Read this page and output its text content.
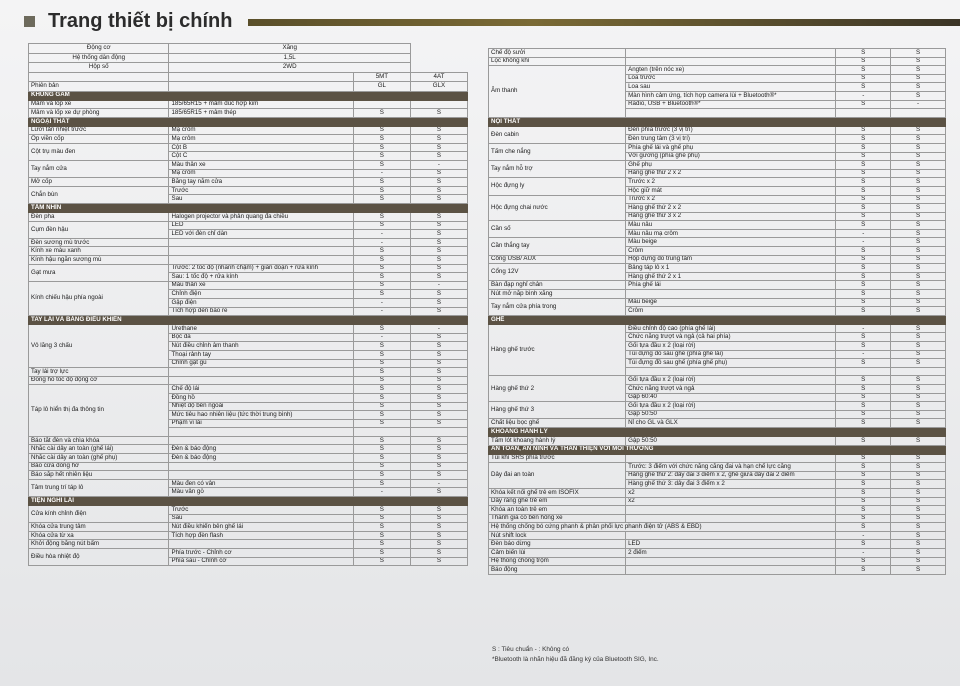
Trang thiết bị chính
Động cơ	Xăng		
Hệ thống dẫn động	1,5L		
Hộp số	2WD		
		5MT	4AT
Phiên bản		GL	GLX
KHUNG GẦM			
Mâm và lốp xe	185/65R15 + mâm đúc hợp kim		
Mâm và lốp xe dự phòng	185/65R15 + mâm thép	S	S
NGOẠI THẤT			
Lưới tản nhiệt trước	Mạ crôm	S	S
Ốp viền cốp	Mạ crôm	S	S
Cột trụ màu đen	Cột B	S	S
	Cột C	S	S
Tay nắm cửa	Màu thân xe	S	-
	Mạ crôm	-	S
Mở cốp	Bằng tay nắm cửa	S	S
Chắn bùn	Trước	S	S
	Sau	S	S
TẦM NHÌN			
Đèn pha	Halogen projector và phản quang đa chiều	S	S
Cụm đèn hậu	LED	S	S
	LED với đèn chỉ dẫn	-	S
Đèn sương mù trước		-	S
Kính xe màu xanh		S	S
Kính hậu ngăn sương mù		S	S
Gạt mưa	Trước: 2 tốc độ (nhanh chậm) + gián đoạn + rửa kính	S	S
	Sau: 1 tốc độ + rửa kính	S	S
Kính chiếu hậu phía ngoài	Màu thân xe	S	-
	Chỉnh điện	S	S
	Gập điện	-	S
	Tích hợp đèn báo rẽ	-	S
TAY LÁI VÀ BẢNG ĐIỀU KHIỂN			
Vô lăng 3 chấu	Urethane	S	-
	Bọc da	-	S
	Nút điều chỉnh âm thanh	S	S
	Thoại rảnh tay	S	S
	Chỉnh gật gù	S	S
Tay lái trợ lực		S	S
Đồng hồ tốc độ động cơ		S	S
Táp lô hiển thị đa thông tin	Chế độ lái	S	S
	Đồng hồ	S	S
	Nhiệt độ bên ngoài	S	S
	Mức tiêu hao nhiên liệu (tức thời trung bình)	S	S
	Phạm vi lái	S	S

Báo tắt đèn và chìa khóa		S	S
Nhắc cài dây an toàn (ghế lái)	Đèn & báo động	S	S
Nhắc cài dây an toàn (ghế phụ)	Đèn & báo động	S	S
Báo cửa đóng hở		S	S
Báo sắp hết nhiên liệu		S	S
Tâm trung trí táp lô	Màu đen có vân	S	-
	Màu vân gỗ	-	S
TIỆN NGHI LÁI			
Cửa kính chỉnh điện	Trước	S	S
	Sau	S	S
Khóa cửa trung tâm	Nút điều khiển bên ghế lái	S	S
Khóa cửa từ xa	Tích hợp đèn flash	S	S
Khởi động bằng nút bấm		S	S
Điều hòa nhiệt độ	Phía trước - Chỉnh cơ	S	S
	Phía sau - Chỉnh cơ	S	S
Chế độ sưởi		S	S
Lọc không khí		S	S
Âm thanh	Ăngten (trên nóc xe)	S	S
	Loa trước	S	S
	Loa sau	S	S
	Màn hình cảm ứng, tích hợp camera lùi + Bluetooth®*	-	S
	Radio, USB + Bluetooth®*	S	-

NỘI THẤT			
Đèn cabin	Đèn phía trước (3 vị trí)	S	S
	Đèn trung tâm (3 vị trí)	S	S
Tấm che nắng	Phía ghế lái và ghế phụ	S	S
	Với gương (phía ghế phụ)	S	S
Tay nắm hỗ trợ	Ghế phụ	S	S
	Hàng ghế thứ 2 x 2	S	S
Hộc đựng ly	Trước x 2	S	S
	Hộc giữ mát	S	S
Hộc đựng chai nước	Trước x 2	S	S
	Hàng ghế thứ 2 x 2	S	S
	Hàng ghế thứ 3 x 2	S	S
Cần số	Màu nâu	S	S
	Màu nâu mạ crôm	-	S
Cần thắng tay	Màu beige	-	S
	Crôm	S	S
Cổng USB/ AUX	Hộp đựng đồ trung tâm	S	S
Cổng 12V	Bảng táp lô x 1	S	S
	Hàng ghế thứ 2 x 1	S	S
Bàn đạp nghỉ chân	Phía ghế lái	S	S
Nút mở nắp bình xăng		S	S
Tay nắm cửa phía trong	Màu beige	S	S
	Crôm	S	S
GHẾ			
Hàng ghế trước	Điều chỉnh độ cao (phía ghế lái)	-	S
	Chức năng trượt và ngả (cả hai phía)	S	S
	Gối tựa đầu x 2 (loại rời)	S	S
	Túi đựng đồ sau ghế (phía ghế lái)	-	S
	Túi đựng đồ sau ghế (phía ghế phụ)	S	S

Hàng ghế thứ 2	Gối tựa đầu x 2 (loại rời)	S	S
	Chức năng trượt và ngả	S	S
	Gập 60:40	S	S
Hàng ghế thứ 3	Gối tựa đầu x 2 (loại rời)	S	S
	Gập 50:50	S	S
Chất liệu bọc ghế	Nỉ cho GL và GLX	S	S
KHOANG HÀNH LÝ			
Tấm lót khoang hành lý	Gập 50:50	S	S
AN TOÀN, AN NINH VÀ THÂN THIỆN VỚI MÔI TRƯỜNG			
Túi khí SRS phía trước		S	S
Dây đai an toàn	Trước: 3 điểm với chức năng căng đai và hạn chế lực căng	S	S
	Hàng ghế thứ 2: dây đai 3 điểm x 2, ghế giữa dây đai 2 điểm	S	S
	Hàng ghế thứ 3: dây đai 3 điểm x 2	S	S
Khóa kết nối ghế trẻ em ISOFIX	x2	S	S
Dây ràng ghế trẻ em	x2	S	S
Khóa an toàn trẻ em		S	S
Thanh gia cố bên hông xe		S	S
Hệ thống chống bó cứng phanh & phân phối lực phanh điện tử (ABS & EBD)		S	S
Nút shift lock		-	S
Đèn báo dừng	LED	S	S
Cảm biến lùi	2 điểm	-	S
Hệ thống chống trộm		S	S
Báo động		S	S
S : Tiêu chuẩn - : Không có
*Bluetooth là nhãn hiệu đã đăng ký của Bluetooth SIG, Inc.
